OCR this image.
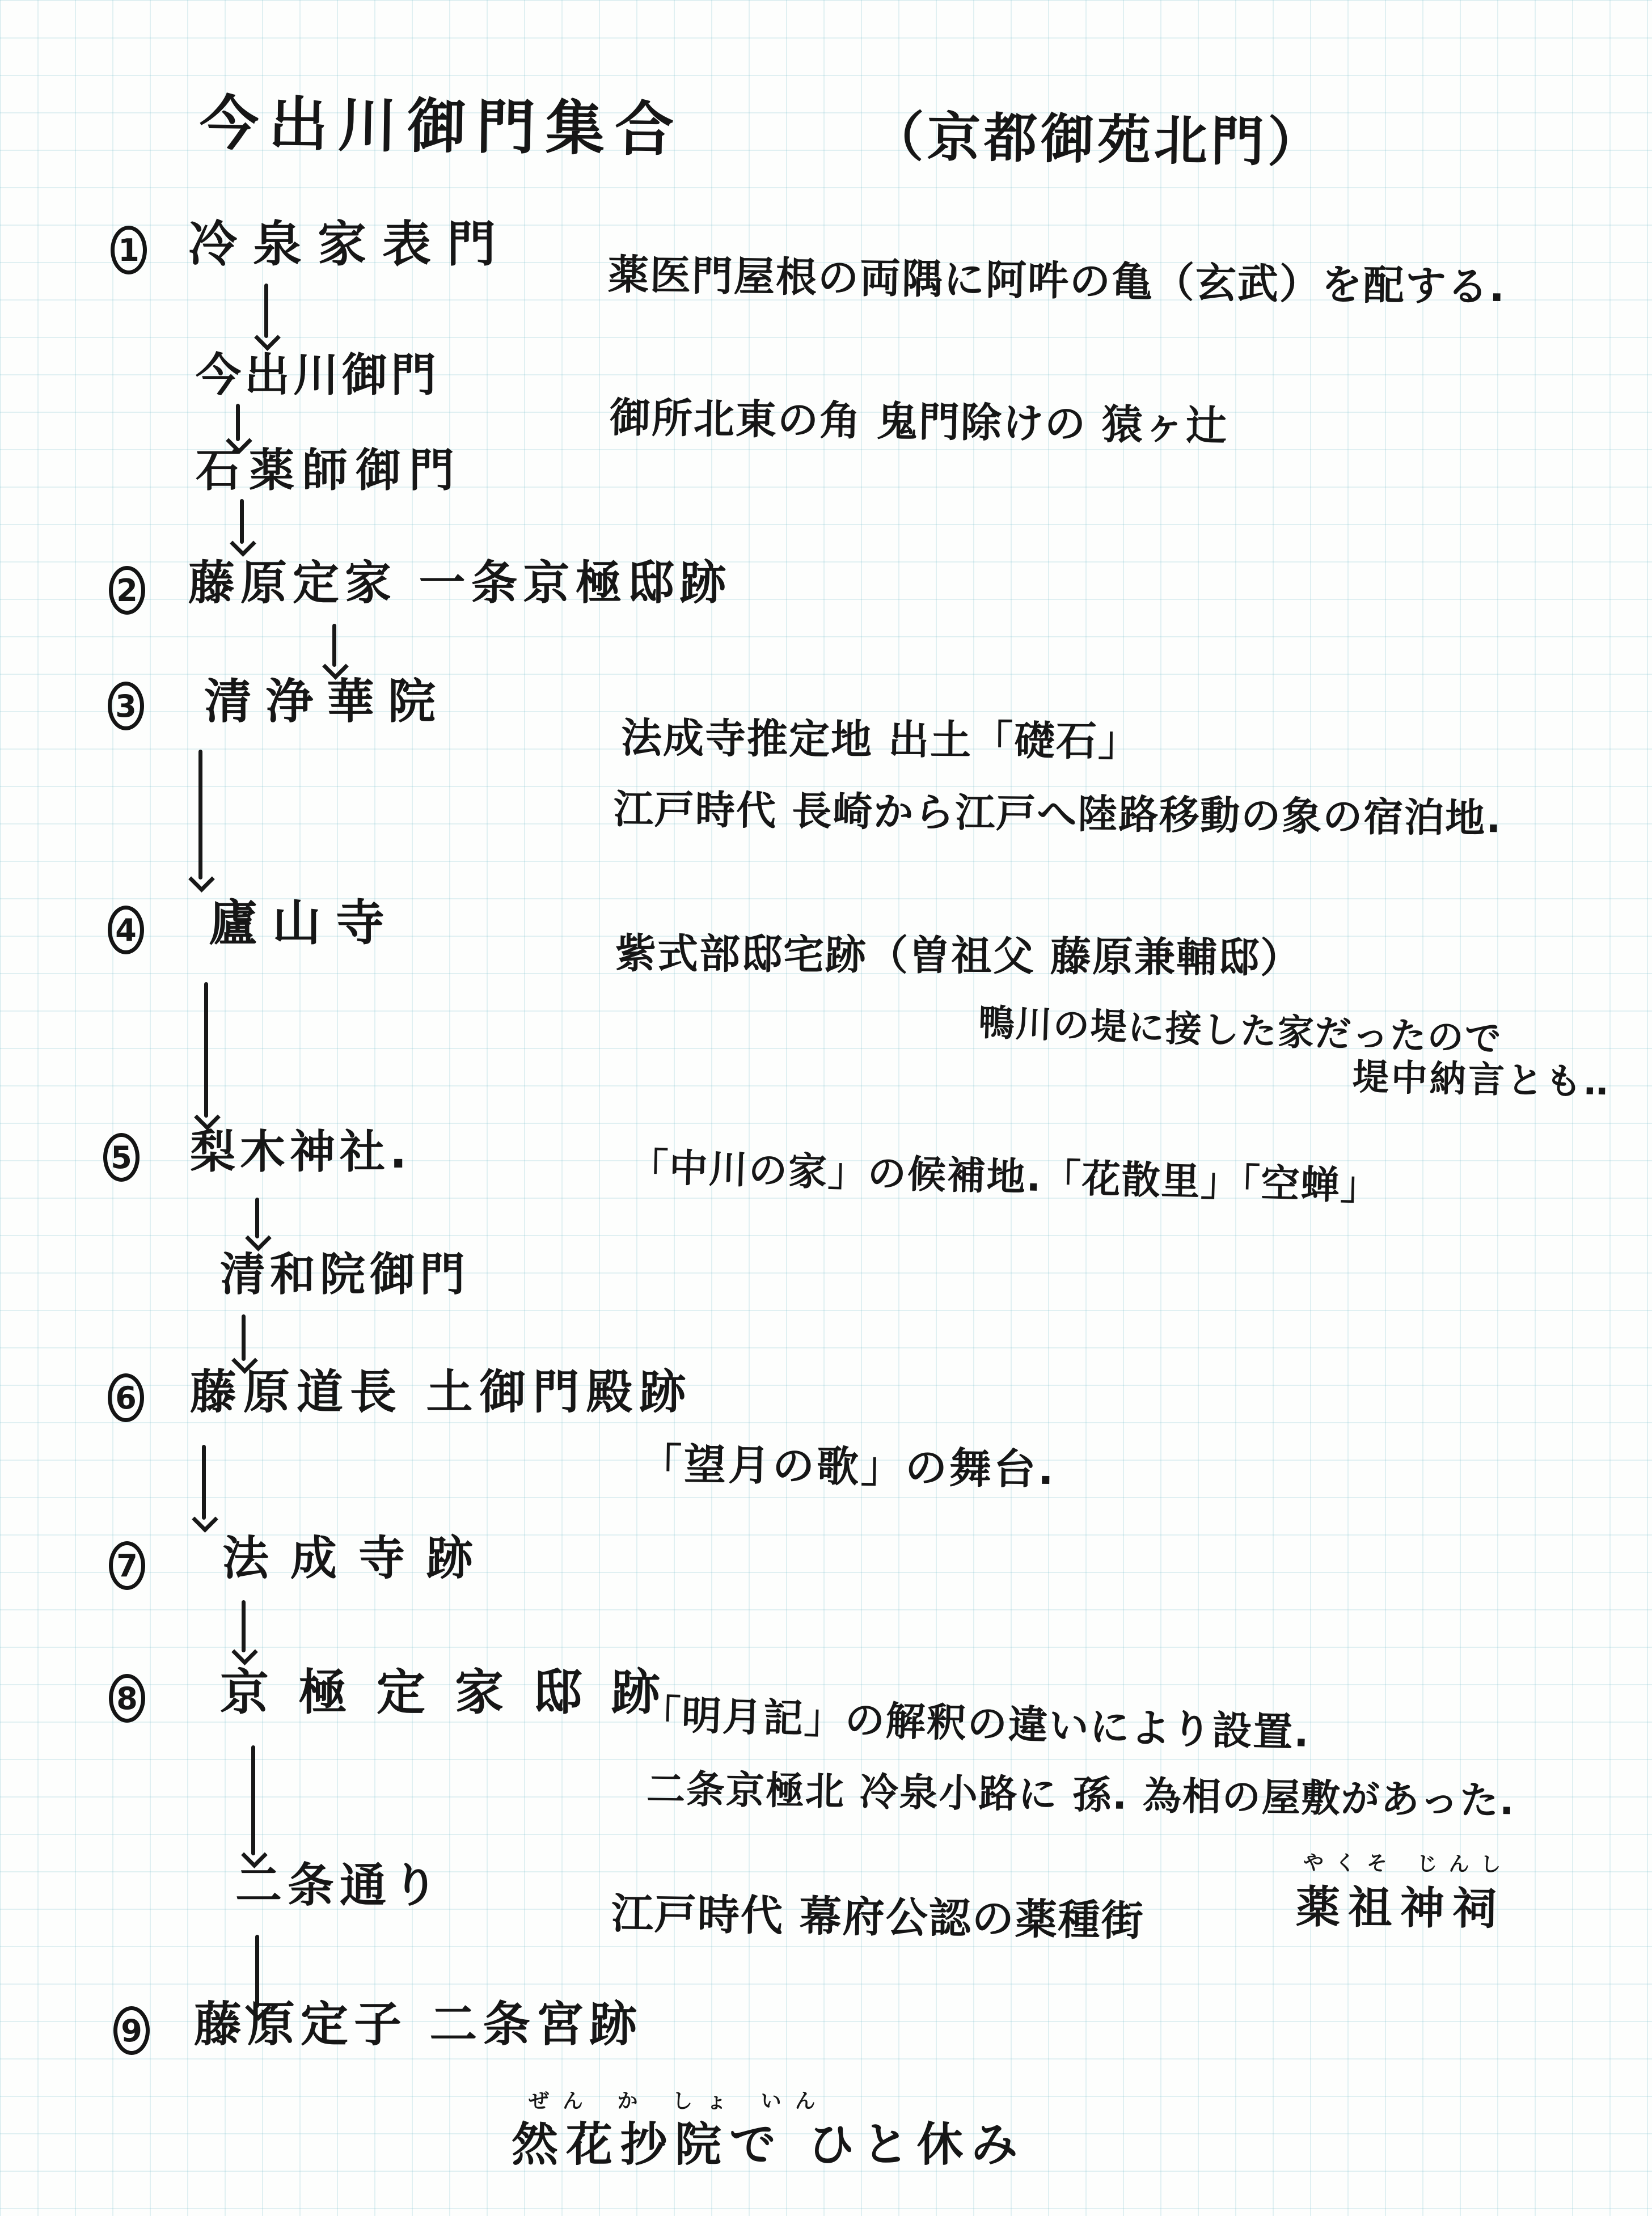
今出川御門集合	（京都御苑北門）
1 冷泉家表門
薬医門屋根の両隅に阿吽の亀（玄武）を配する.
今出川御門
御所北東の角 鬼門除けの 猿ヶ辻
石薬師御門
2 藤原定家 一条京極邸跡
3 清浄華院
法成寺推定地 出土「礎石」
江戸時代 長崎から江戸へ陸路移動の象の宿泊地.
4 廬山寺
紫式部邸宅跡（曽祖父 藤原兼輔邸）
鴨川の堤に接した家だったので
堤中納言とも‥
5 梨木神社.	「中川の家」の候補地.「花散里」「空蝉」
清和院御門
6 藤原道長 土御門殿跡
「望月の歌」の舞台.
7 法成寺跡
8 京極定家邸跡
「明月記」の解釈の違いにより設置.
二条京極北 冷泉小路に 孫. 為相の屋敷があった.
二条通り
江戸時代 幕府公認の薬種街
やくそ じんし
薬祖神祠
9 藤原定子 二条宮跡
ぜん か しょ いん
然花抄院で ひと休み
